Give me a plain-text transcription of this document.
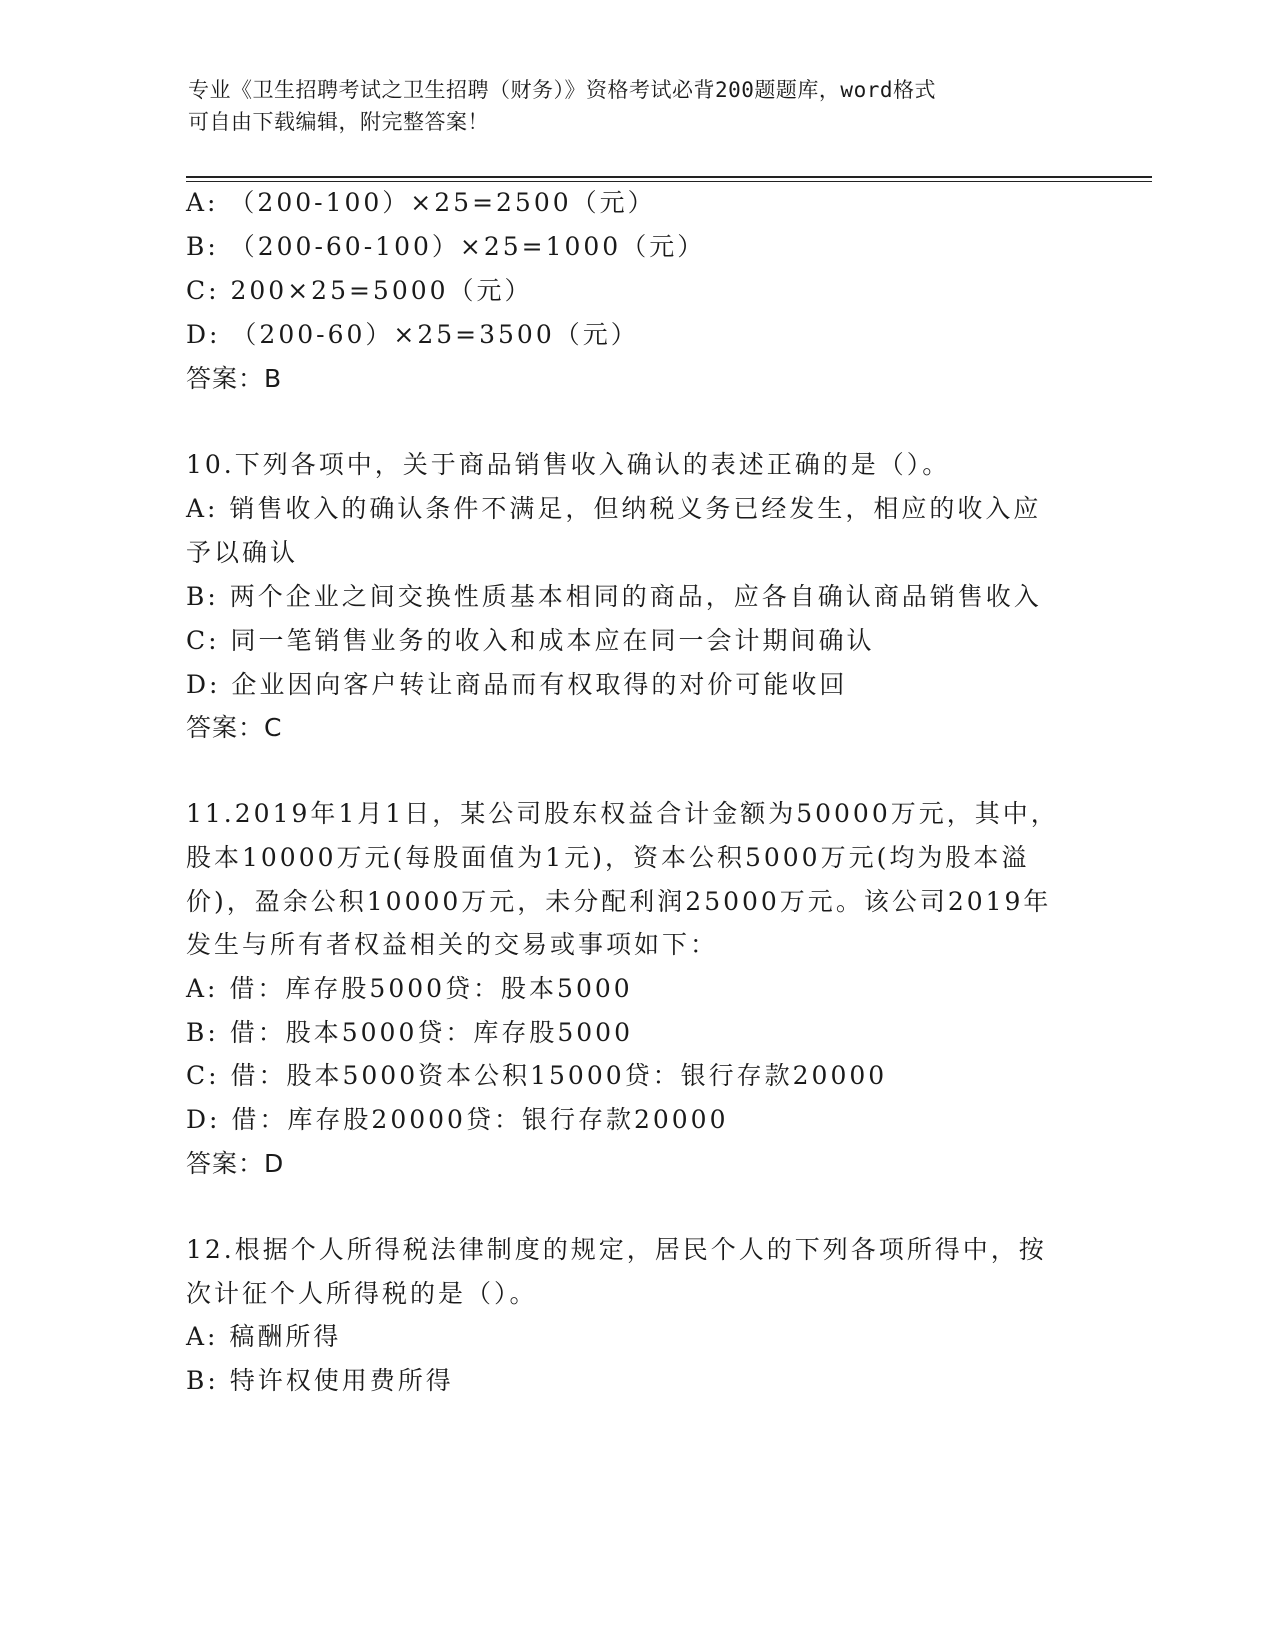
专业《卫生招聘考试之卫生招聘（财务）》资格考试必背200题题库，word格式
可自由下载编辑，附完整答案！
A: （200-100）×25=2500（元）
B: （200-60-100）×25=1000（元）
C: 200×25=5000（元）
D: （200-60）×25=3500（元）
答案：B
10.下列各项中，关于商品销售收入确认的表述正确的是（）。
A: 销售收入的确认条件不满足，但纳税义务已经发生，相应的收入应
予以确认
B: 两个企业之间交换性质基本相同的商品，应各自确认商品销售收入
C: 同一笔销售业务的收入和成本应在同一会计期间确认
D: 企业因向客户转让商品而有权取得的对价可能收回
答案：C
11.2019年1月1日，某公司股东权益合计金额为50000万元，其中，
股本10000万元(每股面值为1元)，资本公积5000万元(均为股本溢
价)，盈余公积10000万元，未分配利润25000万元。该公司2019年
发生与所有者权益相关的交易或事项如下：
A: 借：库存股5000贷：股本5000
B: 借：股本5000贷：库存股5000
C: 借：股本5000资本公积15000贷：银行存款20000
D: 借：库存股20000贷：银行存款20000
答案：D
12.根据个人所得税法律制度的规定，居民个人的下列各项所得中，按
次计征个人所得税的是（）。
A: 稿酬所得
B: 特许权使用费所得
